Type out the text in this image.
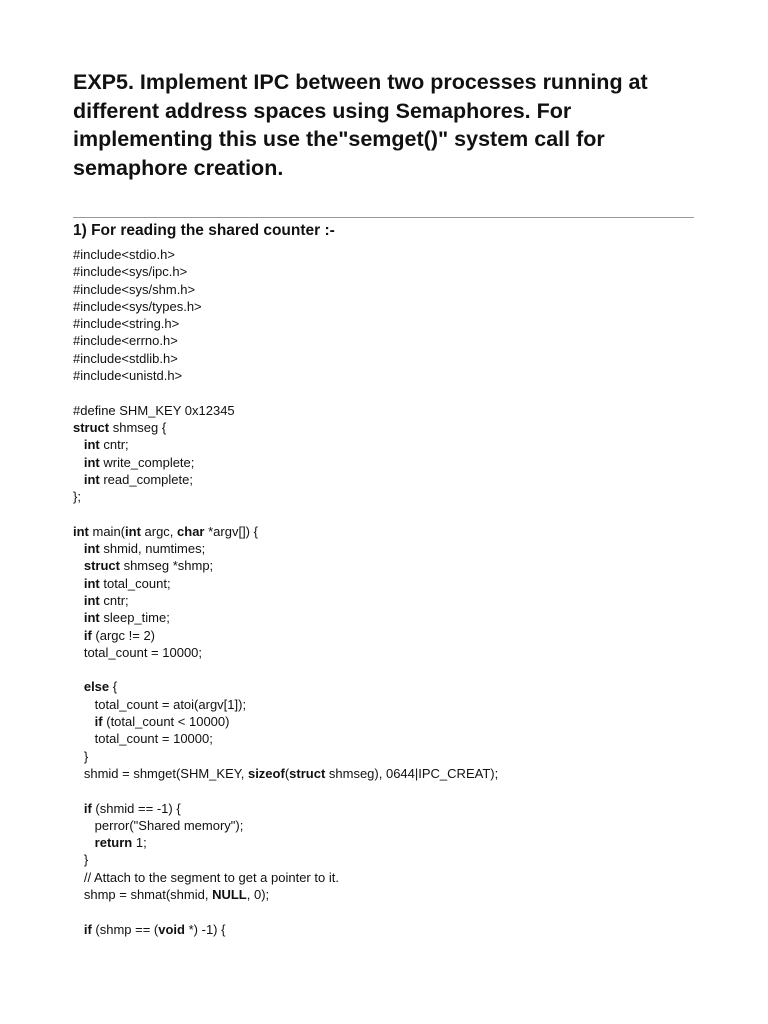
EXP5. Implement IPC between two processes running at different address spaces using Semaphores. For implementing this use the"semget()" system call for semaphore creation.
1) For reading the shared counter :-
#include<stdio.h>
#include<sys/ipc.h>
#include<sys/shm.h>
#include<sys/types.h>
#include<string.h>
#include<errno.h>
#include<stdlib.h>
#include<unistd.h>
#define SHM_KEY 0x12345
struct shmseg {
int cntr;
int write_complete;
int read_complete;
};
int main(int argc, char *argv[]) {
int shmid, numtimes;
struct shmseg *shmp;
int total_count;
int cntr;
int sleep_time;
if (argc != 2)
total_count = 10000;
else {
total_count = atoi(argv[1]);
if (total_count < 10000)
total_count = 10000;
}
shmid = shmget(SHM_KEY, sizeof(struct shmseg), 0644|IPC_CREAT);
if (shmid == -1) {
perror("Shared memory");
return 1;
}
// Attach to the segment to get a pointer to it.
shmp = shmat(shmid, NULL, 0);
if (shmp == (void *) -1) {
